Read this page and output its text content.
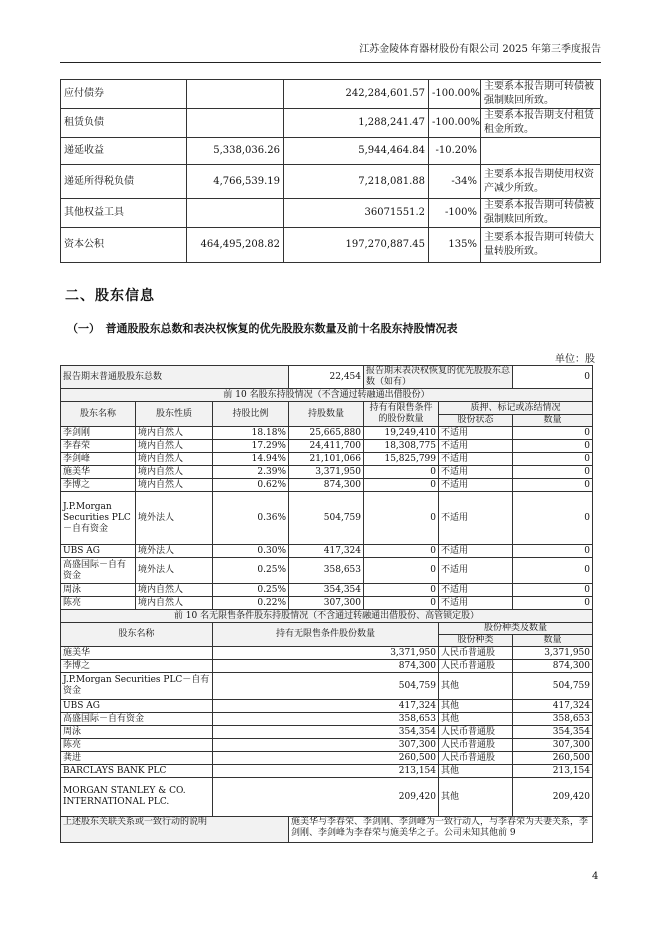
江苏金陵体育器材股份有限公司 2025 年第三季度报告
应付债券		242,284,601.57	-100.00%	主要系本报告期可转债被强制赎回所致。
租赁负债		1,288,241.47	-100.00%	主要系本报告期支付租赁租金所致。
递延收益	5,338,036.26	5,944,464.84	-10.20%	
递延所得税负债	4,766,539.19	7,218,081.88	-34%	主要系本报告期使用权资产减少所致。
其他权益工具		36071551.2	-100%	主要系本报告期可转债被强制赎回所致。
资本公积	464,495,208.82	197,270,887.45	135%	主要系本报告期可转债大量转股所致。
二、股东信息
（一）　普通股股东总数和表决权恢复的优先股股东数量及前十名股东持股情况表
单位：股
报告期末普通股股东总数			22,454	报告期末表决权恢复的优先股股东总数（如有）		0
前 10 名股东持股情况（不含通过转融通出借股份）						
股东名称	股东性质	持股比例	持股数量	持有有限售条件的股份数量	质押、标记或冻结情况	
					股份状态	数量
李剑刚	境内自然人	18.18%	25,665,880	19,249,410	不适用	0
李春荣	境内自然人	17.29%	24,411,700	18,308,775	不适用	0
李剑峰	境内自然人	14.94%	21,101,066	15,825,799	不适用	0
施美华	境内自然人	2.39%	3,371,950	0	不适用	0
李博之	境内自然人	0.62%	874,300	0	不适用	0
J.P.Morgan Securities PLC－自有资金	境外法人	0.36%	504,759	0	不适用	0
UBS AG	境外法人	0.30%	417,324	0	不适用	0
高盛国际－自有资金	境外法人	0.25%	358,653	0	不适用	0
周泳	境内自然人	0.25%	354,354	0	不适用	0
陈亮	境内自然人	0.22%	307,300	0	不适用	0
前 10 名无限售条件股东持股情况（不含通过转融通出借股份、高管锁定股）						
股东名称		持有无限售条件股份数量			股份种类及数量	
					股份种类	数量
施美华		3,371,950			人民币普通股	3,371,950
李博之		874,300			人民币普通股	874,300
J.P.Morgan Securities PLC－自有资金		504,759			其他	504,759
UBS AG		417,324			其他	417,324
高盛国际－自有资金		358,653			其他	358,653
周泳		354,354			人民币普通股	354,354
陈亮		307,300			人民币普通股	307,300
龚进		260,500			人民币普通股	260,500
BARCLAYS BANK PLC		213,154			其他	213,154
MORGAN STANLEY & CO. INTERNATIONAL PLC.		209,420			其他	209,420
上述股东关联关系或一致行动的说明			施美华与李春荣、李剑刚、李剑峰为一致行动人，与李春荣为夫妻关系，李剑刚、李剑峰为李春荣与施美华之子。公司未知其他前 9			
4
